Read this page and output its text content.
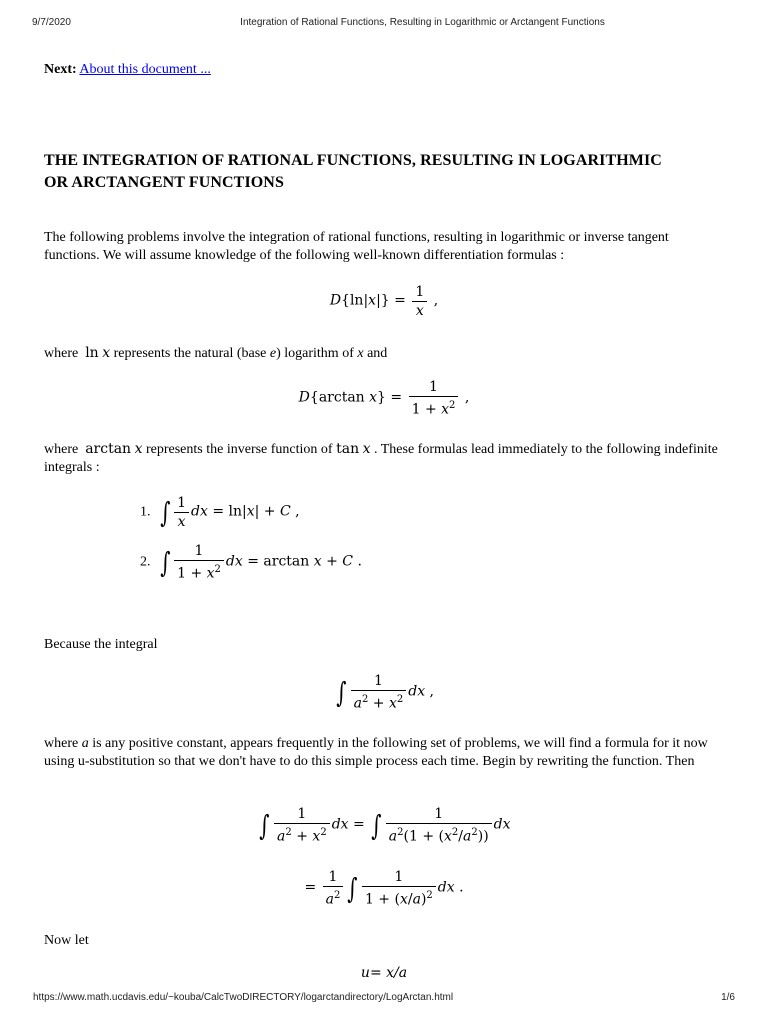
9/7/2020	Integration of Rational Functions, Resulting in Logarithmic or Arctangent Functions
Next: About this document ...
THE INTEGRATION OF RATIONAL FUNCTIONS, RESULTING IN LOGARITHMIC
OR ARCTANGENT FUNCTIONS

The following problems involve the integration of rational functions, resulting in logarithmic or inverse tangent functions. We will assume knowledge of the following well-known differentiation formulas :

$D\{\ln|x|\} = \frac{1}{x}$ ,

where ln x represents the natural (base e) logarithm of x and

D{arctan $x\} = \frac{1}{1 + x^2}$ ,

where arctan x represents the inverse function of tan x . These formulas lead immediately to the following indefinite integrals :

1. ∫ $\frac{1}{x}$ dx = ln|x| + C ,
2. ∫ $\frac{1}{1 + x^2}$ dx = arctan x + C .

Because the integral

∫ $\frac{1}{a^2 + x^2}$ dx ,

where a is any positive constant, appears frequently in the following set of problems, we will find a formula for it now using u-substitution so that we don't have to do this simple process each time. Begin by rewriting the function. Then

∫ $\frac{1}{a^2 + x^2}$ dx = ∫ $\frac{1}{a^2(1 + (x^2/a^2))}$ dx
= $\frac{1}{a^2}$ ∫ $\frac{1}{1 + (x/a)^2}$ dx .

Now let

u= x/a
https://www.math.ucdavis.edu/~kouba/CalcTwoDIRECTORY/logarctandirectory/LogArctan.html	1/6
